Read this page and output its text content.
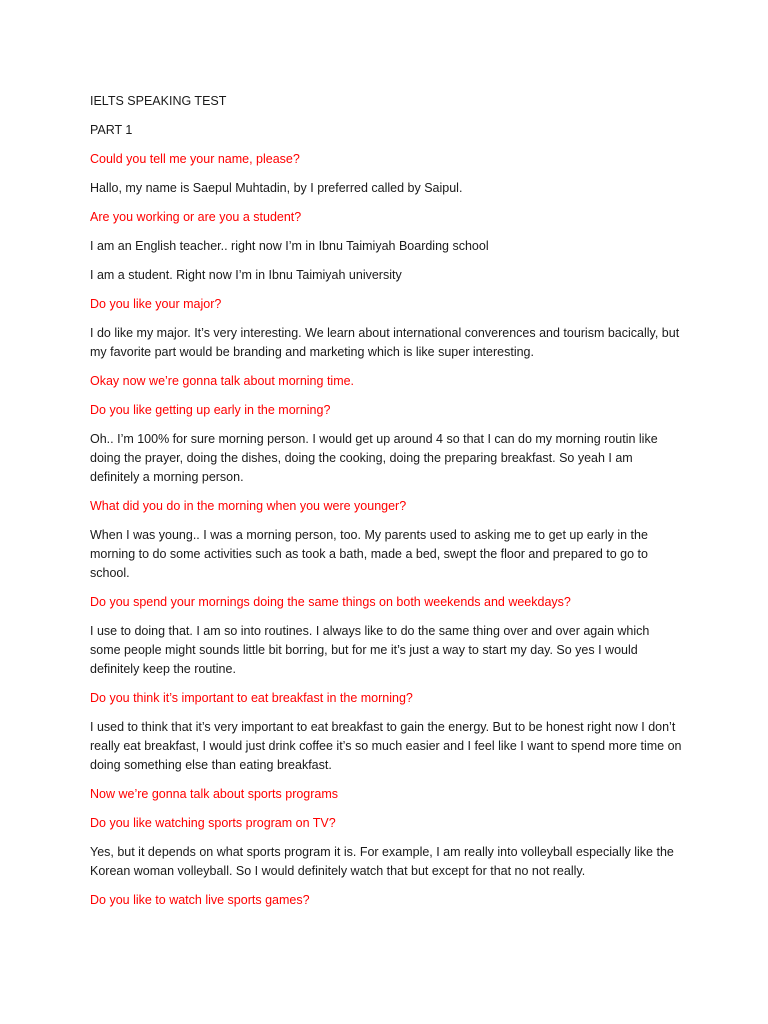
IELTS SPEAKING TEST

PART 1

Could you tell me your name, please?

Hallo, my name is Saepul Muhtadin, by I preferred called by Saipul.

Are you working or are you a student?

I am an English teacher.. right now I’m in Ibnu Taimiyah Boarding school

I am a student. Right now I’m in Ibnu Taimiyah university

Do you like your major?

I do like my major. It’s very interesting. We learn about international converences and tourism bacically, but my favorite part would be branding and marketing which is like super interesting.

Okay now we’re gonna talk about morning time.

Do you like getting up early in the morning?

Oh.. I’m 100% for sure morning person. I would get up around 4 so that I can do my morning routin like doing the prayer, doing the dishes, doing the cooking, doing the preparing breakfast. So yeah I am definitely a morning person.

What did you do in the morning when you were younger?

When I was young.. I was a morning person, too. My parents used to asking me to get up early in the morning to do some activities such as took a bath, made a bed, swept the floor and prepared to go to school.

Do you spend your mornings doing the same things on both weekends and weekdays?

I use to doing that. I am so into routines. I always like to do the same thing over and over again which some people might sounds little bit borring, but for me it’s just a way to start my day. So yes I would definitely keep the routine.

Do you think it’s important to eat breakfast in the morning?

I used to think that it’s very important to eat breakfast to gain the energy. But to be honest right now I don’t really eat breakfast, I would just drink coffee it’s so much easier and I feel like I want to spend more time on doing something else than eating breakfast.

Now we’re gonna talk about sports programs

Do you like watching sports program on TV?

Yes, but it depends on what sports program it is. For example, I am really into volleyball especially like the Korean woman volleyball. So I would definitely watch that but except for that no not really.

Do you like to watch live sports games?
